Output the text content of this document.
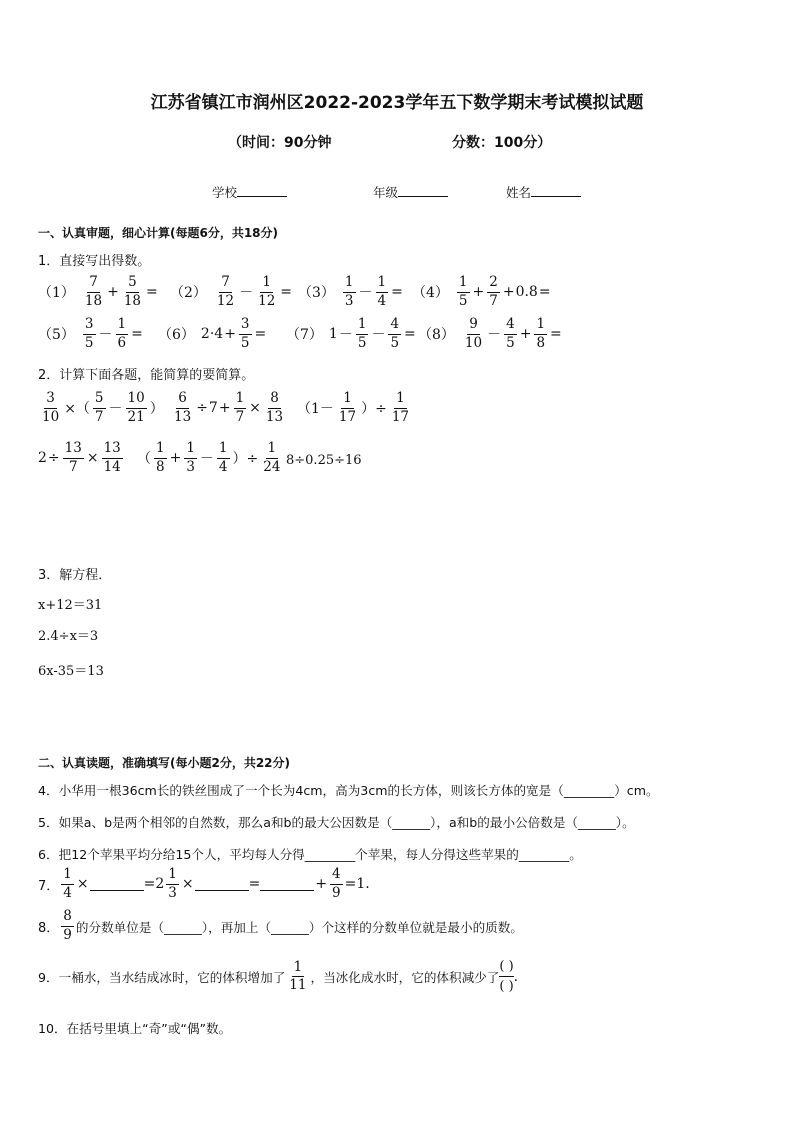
江苏省镇江市润州区2022-2023学年五下数学期末考试模拟试题
（时间：90分钟	分数：100分）
学校	年级	姓名
一、认真审题，细心计算(每题6分，共18分)
1．直接写出得数。
$(1) \frac{7}{18} + \frac{5}{18} = (2) \frac{7}{12} - \frac{1}{12} = (3) \frac{1}{3} - \frac{1}{4} = (4) \frac{1}{5} + \frac{2}{7} + 0.8$ =
$(5) \frac{3}{5} - \frac{1}{6} = (6) 2\cdot 4 + \frac{3}{5} = (7) 1 - \frac{1}{5} - \frac{4}{5} = (8) \frac{9}{10} - \frac{4}{5} + \frac{1}{8}$ =
2．计算下面各题，能简算的要简算。
$\frac{3}{10}$ ×（ $\frac{5}{7} - \frac{10}{21}$ ） $\frac{6}{13} \div 7 + \frac{1}{7} \times \frac{8}{13} (1- \frac{1}{17}$ ）÷ $\frac{1}{17}$
$2 \div \frac{13}{7} \times \frac{13}{14}$ （ $\frac{1}{8} + \frac{1}{3} - \frac{1}{4}$ ）÷ $\frac{1}{24} 8\div 0.25\div 16$
3．解方程．
x+12＝31
2.4÷x＝3
6x-35＝13
二、认真读题，准确填写(每小题2分，共22分)
4．小华用一根36cm长的铁丝围成了一个长为4cm，高为3cm的长方体，则该长方体的宽是（________）cm。
5．如果a、b是两个相邻的自然数，那么a和b的最大公因数是（______），a和b的最小公倍数是（______）。
6．把12个苹果平均分给15个人，平均每人分得________个苹果，每人分得这些苹果的________。
7． $\frac{1}{4}$ ×	$=2 \frac{1}{3}$ ×	=	+ $\frac{4}{9} =1$.
8． $\frac{8}{9}$ 的分数单位是（______），再加上（______）个这样的分数单位就是最小的质数。
9．一桶水，当水结成冰时，它的体积增加了 $\frac{1}{11}$ ，当冰化成水时，它的体积减少了 $\frac{( )}{( )}$ .
10．在括号里填上“奇”或“偶”数。
